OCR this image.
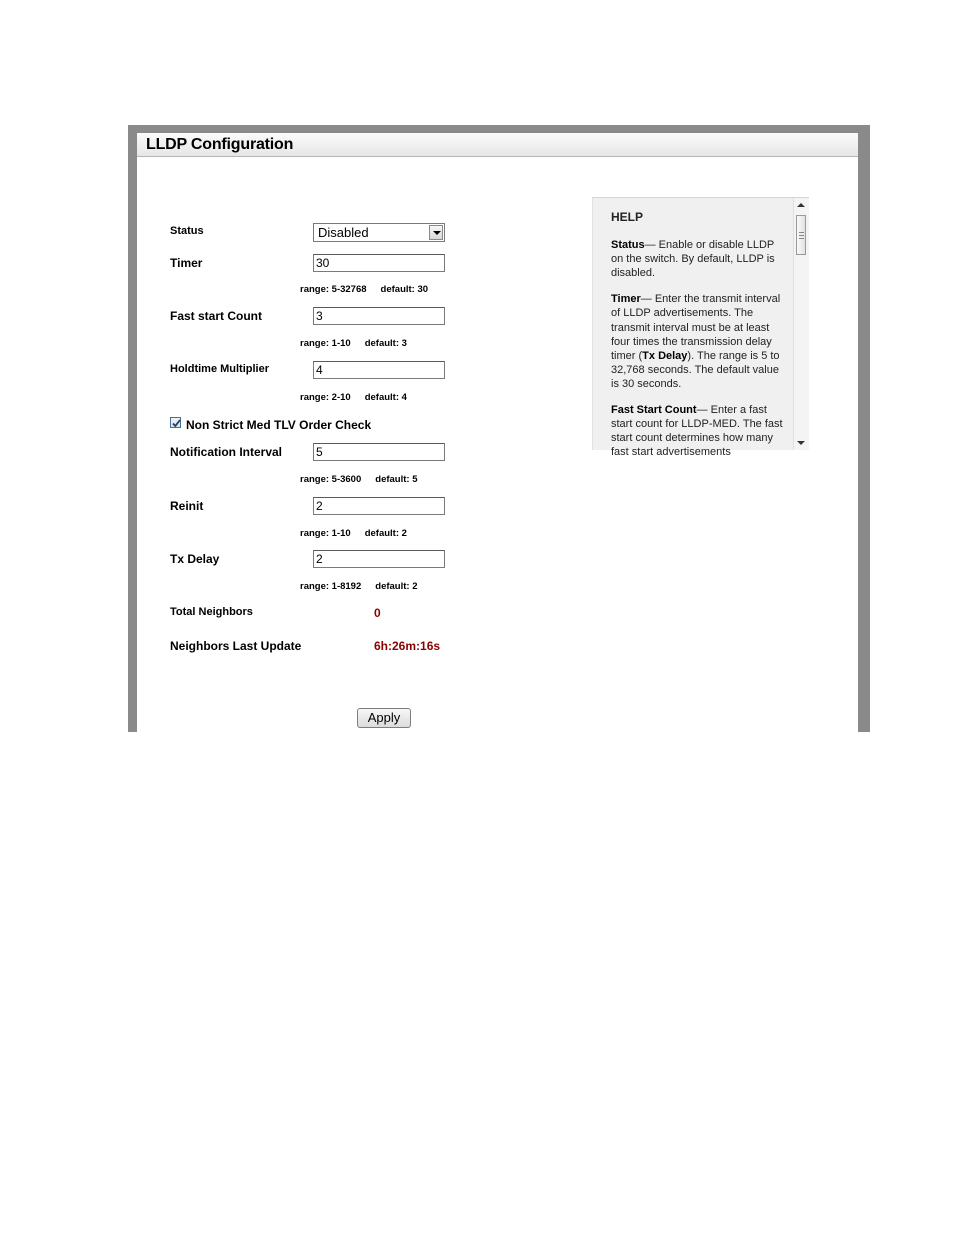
LLDP Configuration
Status	Disabled
Timer	30
range: 5-32768 default: 30
Fast start Count	3
range: 1-10 default: 3
Holdtime Multiplier	4
range: 2-10 default: 4
Non Strict Med TLV Order Check
Notification Interval	5
range: 5-3600 default: 5
Reinit	2
range: 1-10 default: 2
Tx Delay	2
range: 1-8192 default: 2
Total Neighbors	0
Neighbors Last Update	6h:26m:16s
Apply
HELP

Status— Enable or disable LLDP on the switch. By default, LLDP is disabled.

Timer— Enter the transmit interval of LLDP advertisements. The transmit interval must be at least four times the transmission delay timer (Tx Delay). The range is 5 to 32,768 seconds. The default value is 30 seconds.

Fast Start Count— Enter a fast start count for LLDP-MED. The fast start count determines how many fast start advertisements
